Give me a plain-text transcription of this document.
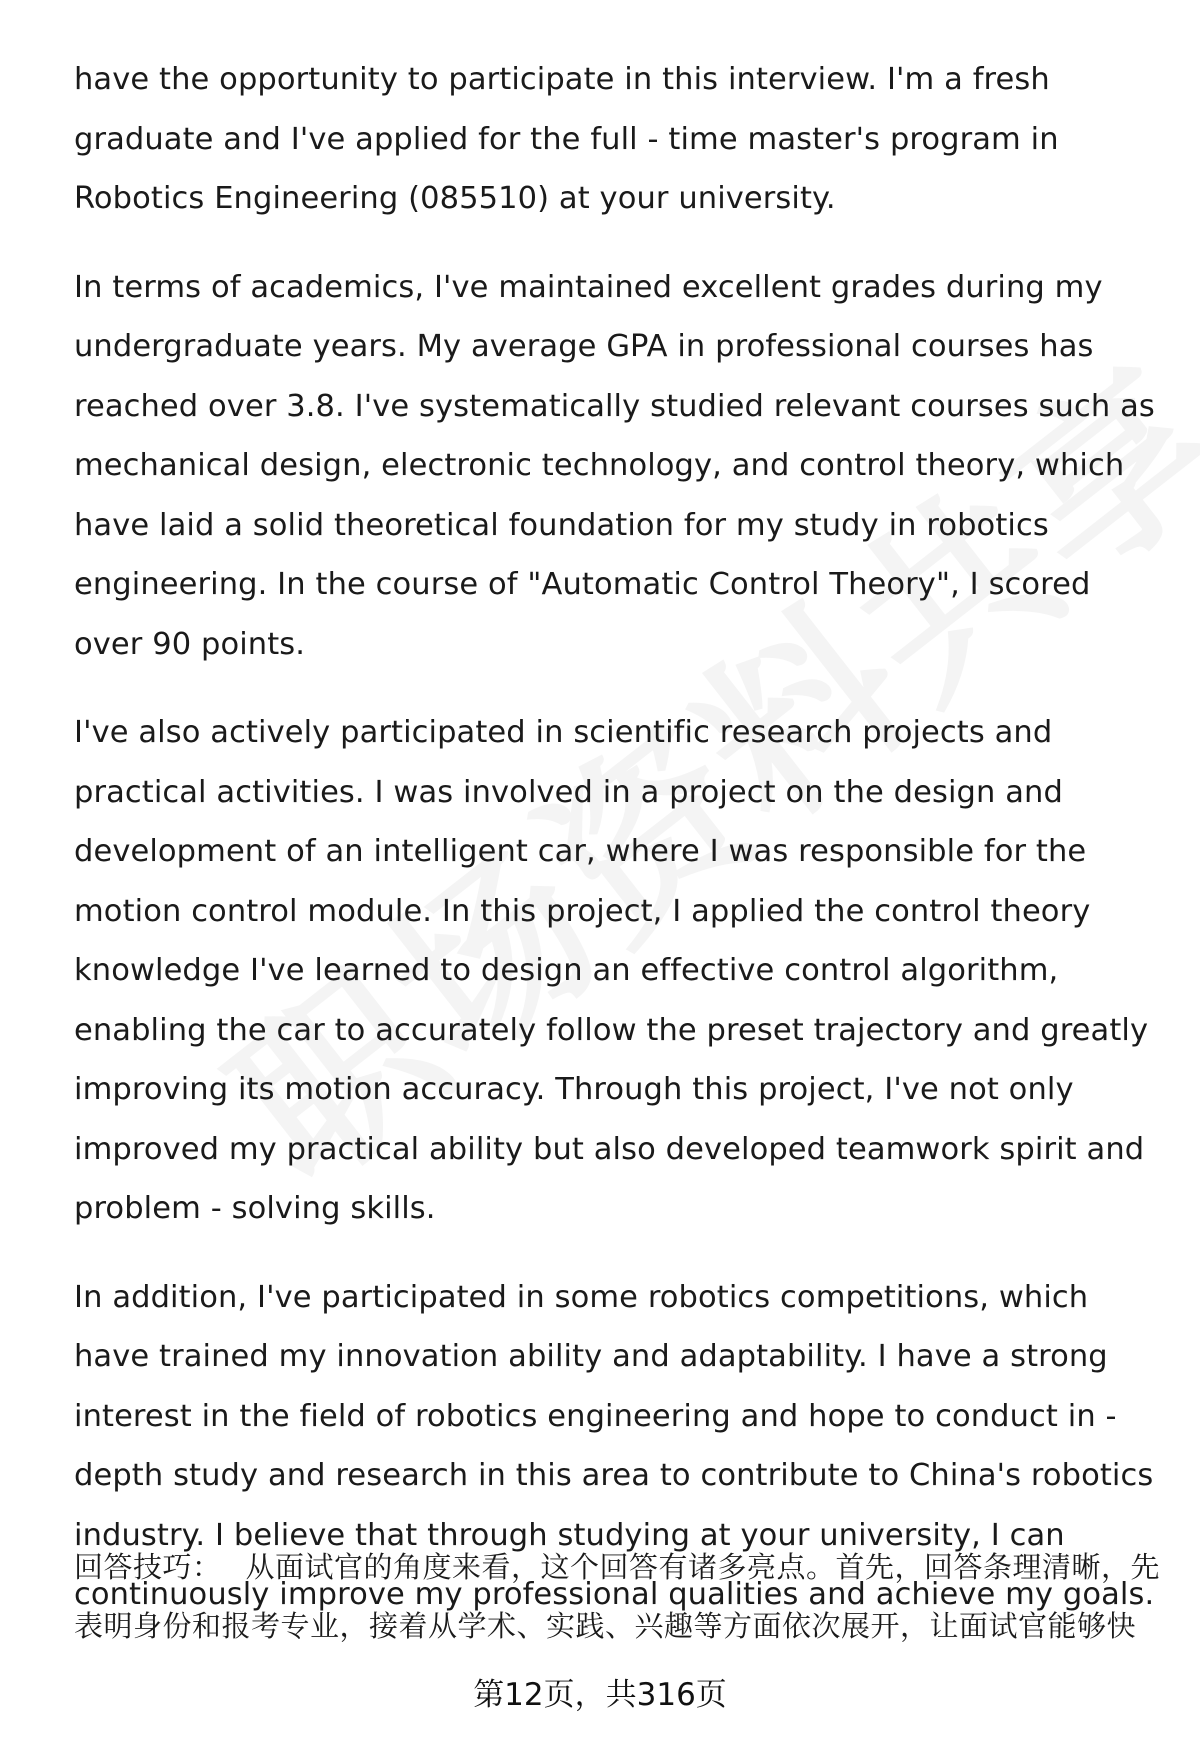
have the opportunity to participate in this interview. I'm a fresh graduate and I've applied for the full - time master's program in Robotics Engineering (085510) at your university.

In terms of academics, I've maintained excellent grades during my undergraduate years. My average GPA in professional courses has reached over 3.8. I've systematically studied relevant courses such as mechanical design, electronic technology, and control theory, which have laid a solid theoretical foundation for my study in robotics engineering. In the course of "Automatic Control Theory", I scored over 90 points.

I've also actively participated in scientific research projects and practical activities. I was involved in a project on the design and development of an intelligent car, where I was responsible for the motion control module. In this project, I applied the control theory knowledge I've learned to design an effective control algorithm, enabling the car to accurately follow the preset trajectory and greatly improving its motion accuracy. Through this project, I've not only improved my practical ability but also developed teamwork spirit and problem - solving skills.

In addition, I've participated in some robotics competitions, which have trained my innovation ability and adaptability. I have a strong interest in the field of robotics engineering and hope to conduct in - depth study and research in this area to contribute to China's robotics industry. I believe that through studying at your university, I can continuously improve my professional qualities and achieve my goals.

回答技巧： 从面试官的角度来看，这个回答有诸多亮点。首先，回答条理清晰，先表明身份和报考专业，接着从学术、实践、兴趣等方面依次展开，让面试官能够快
第12页，共316页
